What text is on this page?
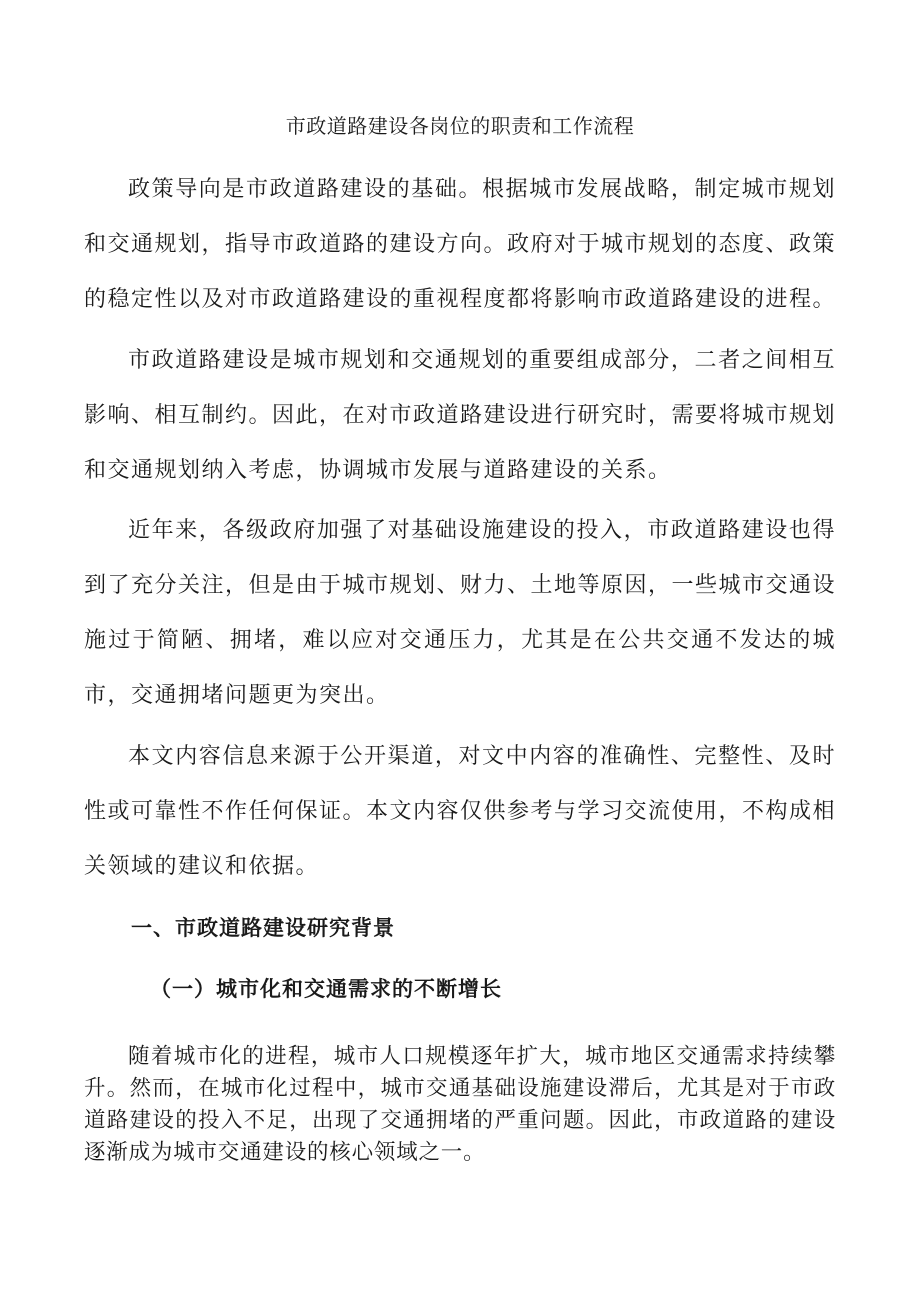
市政道路建设各岗位的职责和工作流程

政策导向是市政道路建设的基础。根据城市发展战略，制定城市规划和交通规划，指导市政道路的建设方向。政府对于城市规划的态度、政策的稳定性以及对市政道路建设的重视程度都将影响市政道路建设的进程。

市政道路建设是城市规划和交通规划的重要组成部分，二者之间相互影响、相互制约。因此，在对市政道路建设进行研究时，需要将城市规划和交通规划纳入考虑，协调城市发展与道路建设的关系。

近年来，各级政府加强了对基础设施建设的投入，市政道路建设也得到了充分关注，但是由于城市规划、财力、土地等原因，一些城市交通设施过于简陋、拥堵，难以应对交通压力，尤其是在公共交通不发达的城市，交通拥堵问题更为突出。

本文内容信息来源于公开渠道，对文中内容的准确性、完整性、及时性或可靠性不作任何保证。本文内容仅供参考与学习交流使用，不构成相关领域的建议和依据。

一、市政道路建设研究背景
（一）城市化和交通需求的不断增长

随着城市化的进程，城市人口规模逐年扩大，城市地区交通需求持续攀升。然而，在城市化过程中，城市交通基础设施建设滞后，尤其是对于市政道路建设的投入不足，出现了交通拥堵的严重问题。因此，市政道路的建设逐渐成为城市交通建设的核心领域之一。
